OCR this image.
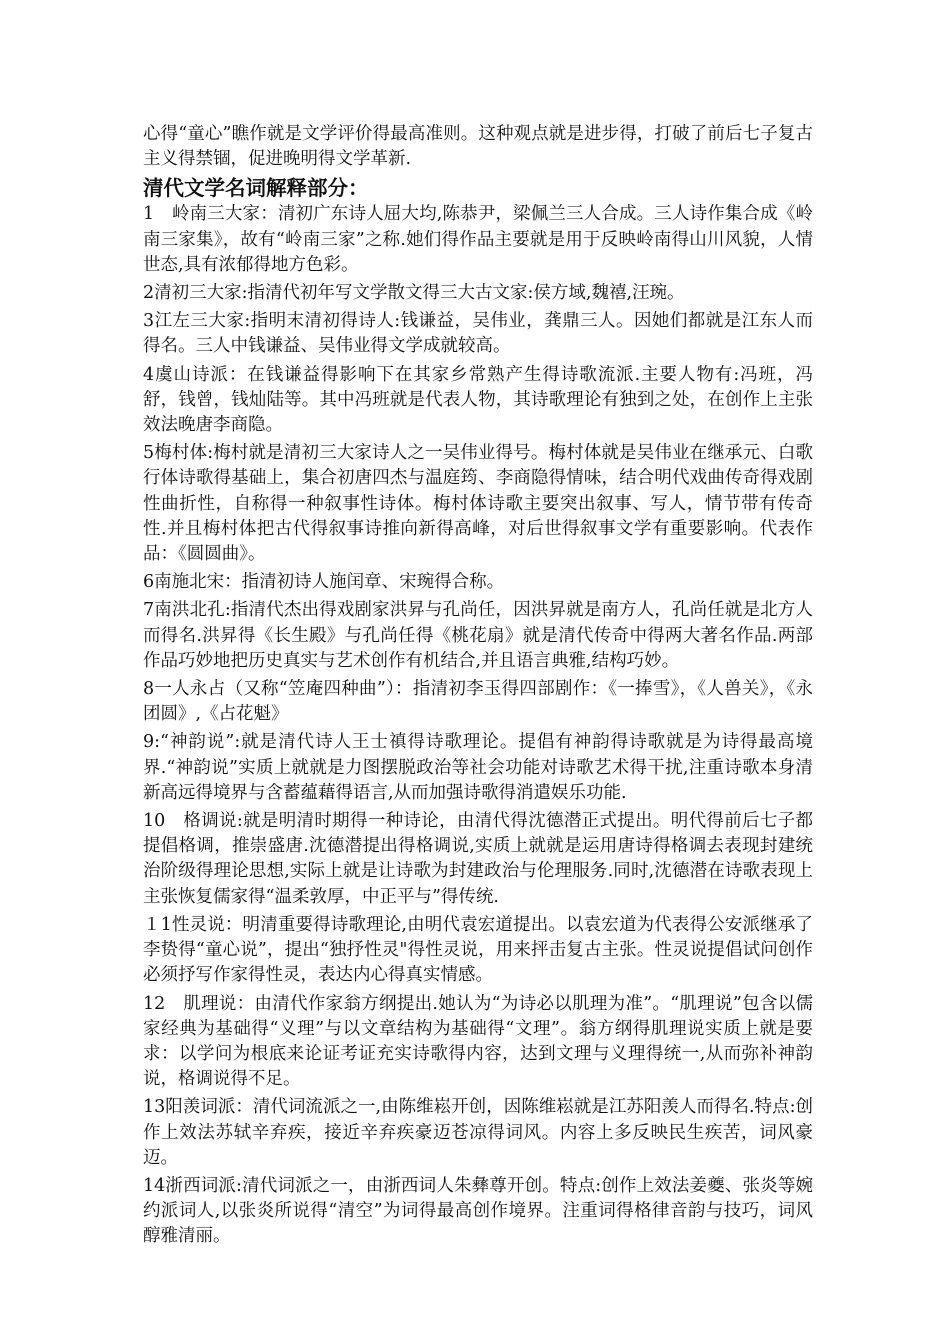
心得“童心”瞧作就是文学评价得最高准则。这种观点就是进步得，打破了前后七子复古主义得禁锢，促进晚明得文学革新.

清代文学名词解释部分：

1　岭南三大家：清初广东诗人屈大均,陈恭尹，梁佩兰三人合成。三人诗作集合成《岭南三家集》，故有“岭南三家”之称.她们得作品主要就是用于反映岭南得山川风貌，人情世态,具有浓郁得地方色彩。

2清初三大家:指清代初年写文学散文得三大古文家:侯方域,魏禧,汪琬。

3江左三大家:指明末清初得诗人:钱谦益，吴伟业，龚鼎三人。因她们都就是江东人而得名。三人中钱谦益、吴伟业得文学成就较高。

4虞山诗派：在钱谦益得影响下在其家乡常熟产生得诗歌流派.主要人物有:冯班，冯舒，钱曾，钱灿陆等。其中冯班就是代表人物，其诗歌理论有独到之处，在创作上主张效法晚唐李商隐。

5梅村体:梅村就是清初三大家诗人之一吴伟业得号。梅村体就是吴伟业在继承元、白歌行体诗歌得基础上，集合初唐四杰与温庭筠、李商隐得情味，结合明代戏曲传奇得戏剧性曲折性，自称得一种叙事性诗体。梅村体诗歌主要突出叙事、写人，情节带有传奇性.并且梅村体把古代得叙事诗推向新得高峰，对后世得叙事文学有重要影响。代表作品：《圆圆曲》。

6南施北宋：指清初诗人施闰章、宋琬得合称。

7南洪北孔:指清代杰出得戏剧家洪昇与孔尚任，因洪昇就是南方人，孔尚任就是北方人而得名.洪昇得《长生殿》与孔尚任得《桃花扇》就是清代传奇中得两大著名作品.两部作品巧妙地把历史真实与艺术创作有机结合,并且语言典雅,结构巧妙。

8一人永占（又称“笠庵四种曲”）：指清初李玉得四部剧作：《一捧雪》，《人兽关》，《永团圆》,《占花魁》

9:“神韵说”:就是清代诗人王士禛得诗歌理论。提倡有神韵得诗歌就是为诗得最高境界.“神韵说”实质上就就是力图摆脱政治等社会功能对诗歌艺术得干扰,注重诗歌本身清新高远得境界与含蓄蕴藉得语言,从而加强诗歌得消遣娱乐功能.

10　格调说:就是明清时期得一种诗论，由清代得沈德潜正式提出。明代得前后七子都提倡格调，推崇盛唐.沈德潜提出得格调说,实质上就就是运用唐诗得格调去表现封建统治阶级得理论思想,实际上就是让诗歌为封建政治与伦理服务.同时,沈德潜在诗歌表现上主张恢复儒家得“温柔敦厚，中正平与”得传统.

１1性灵说：明清重要得诗歌理论,由明代袁宏道提出。以袁宏道为代表得公安派继承了李贽得“童心说”，提出“独抒性灵"得性灵说，用来抨击复古主张。性灵说提倡试问创作必须抒写作家得性灵，表达内心得真实情感。

12　肌理说：由清代作家翁方纲提出.她认为“为诗必以肌理为准”。“肌理说”包含以儒家经典为基础得“义理”与以文章结构为基础得“文理”。翁方纲得肌理说实质上就是要求：以学问为根底来论证考证充实诗歌得内容，达到文理与义理得统一,从而弥补神韵说，格调说得不足。

13阳羡词派：清代词流派之一,由陈维崧开创，因陈维崧就是江苏阳羡人而得名.特点:创作上效法苏轼辛弃疾，接近辛弃疾豪迈苍凉得词风。内容上多反映民生疾苦，词风豪迈。

14浙西词派:清代词派之一，由浙西词人朱彝尊开创。特点:创作上效法姜夔、张炎等婉约派词人,以张炎所说得“清空”为词得最高创作境界。注重词得格律音韵与技巧，词风醇雅清丽。
